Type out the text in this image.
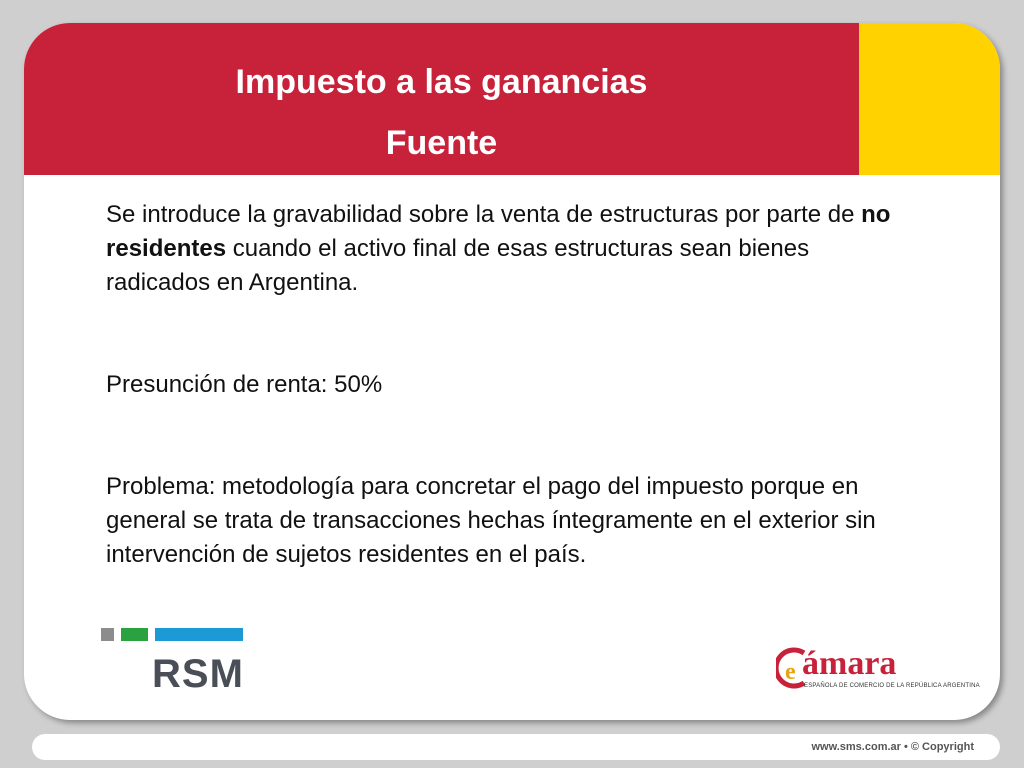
Impuesto a las ganancias
Fuente

Se introduce la gravabilidad sobre la venta de estructuras por parte de no residentes cuando el activo final de esas estructuras sean bienes radicados en Argentina.

Presunción de renta: 50%

Problema: metodología para concretar el pago del impuesto porque en general se trata de transacciones hechas íntegramente en el exterior sin intervención de sujetos residentes en el país.

RSM	e ámara
ESPAÑOLA DE COMERCIO DE LA REPÚBLICA ARGENTINA
www.sms.com.ar • © Copyright
